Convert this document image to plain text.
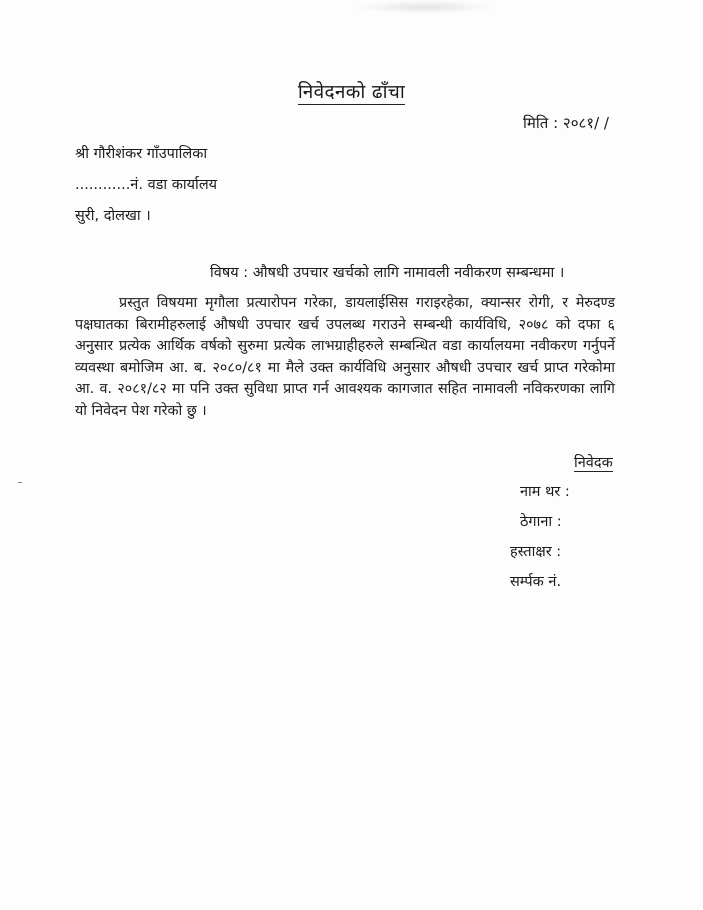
निवेदनको ढाँचा
मिति : २०८१/ /
श्री गौरीशंकर गाँउपालिका
............नं. वडा कार्यालय
सुरी, दोलखा ।
विषय : औषधी उपचार खर्चको लागि नामावली नवीकरण सम्बन्धमा ।
प्रस्तुत विषयमा मृगौला प्रत्यारोपन गरेका, डायलाईसिस गराइरहेका, क्यान्सर रोगी, र मेरुदण्ड पक्षघातका बिरामीहरुलाई औषधी उपचार खर्च उपलब्ध गराउने सम्बन्धी कार्यविधि, २०७८ को दफा ६ अनुसार प्रत्येक आर्थिक वर्षको सुरुमा प्रत्येक लाभग्राहीहरुले सम्बन्धित वडा कार्यालयमा नवीकरण गर्नुपर्ने व्यवस्था बमोजिम आ. ब. २०८०/८१ मा मैले उक्त कार्यविधि अनुसार औषधी उपचार खर्च प्राप्त गरेकोमा आ. व. २०८१/८२ मा पनि उक्त सुविधा प्राप्त गर्न आवश्यक कागजात सहित नामावली नविकरणका लागि यो निवेदन पेश गरेको छु ।
निवेदक
नाम थर :
ठेगाना :
हस्ताक्षर :
सर्म्पक नं.
